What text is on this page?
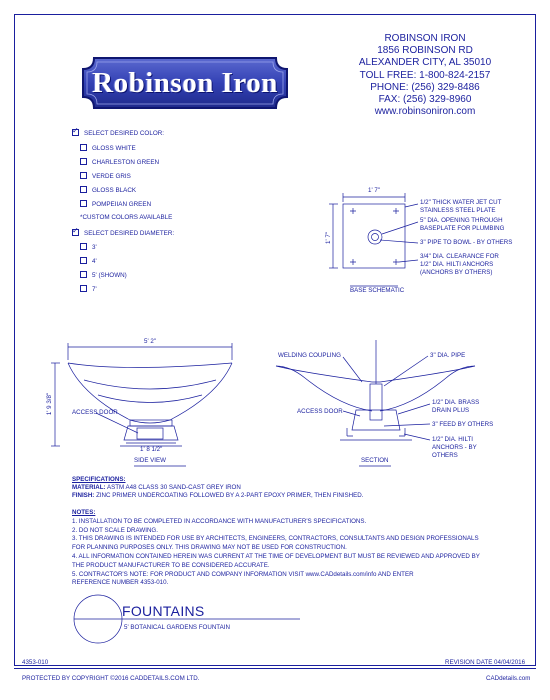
Robinson Iron
ROBINSON IRON
1856 ROBINSON RD
ALEXANDER CITY, AL 35010
TOLL FREE: 1-800-824-2157
PHONE: (256) 329-8486
FAX: (256) 329-8960
www.robinsoniron.com
✓SELECT DESIRED COLOR:
GLOSS WHITE
CHARLESTON GREEN
VERDE GRIS
GLOSS BLACK
POMPEIIAN GREEN
*CUSTOM COLORS AVAILABLE
✓SELECT DESIRED DIAMETER:
3'
4'
5' (SHOWN)
7'
1' 7"
1' 7"
5' 2"
1' 9 3/8"
1/2" THICK WATER JET CUT
STAINLESS STEEL PLATE
5" DIA. OPENING THROUGH
BASEPLATE FOR PLUMBING
3" PIPE TO BOWL - BY OTHERS
3/4" DIA. CLEARANCE FOR
1/2" DIA. HILTI ANCHORS
(ANCHORS BY OTHERS)
BASE SCHEMATIC
ACCESS DOOR
1' 8 1/2"
SIDE VIEW
WELDING COUPLING	3" DIA. PIPE
ACCESS DOOR
1/2" DIA. BRASS
DRAIN PLUS
3" FEED BY OTHERS
1/2" DIA. HILTI
ANCHORS - BY
OTHERS
SECTION
SPECIFICATIONS:
MATERIAL: ASTM A48 CLASS 30 SAND-CAST GREY IRON
FINISH: ZINC PRIMER UNDERCOATING FOLLOWED BY A 2-PART EPOXY PRIMER, THEN FINISHED.
NOTES:
1. INSTALLATION TO BE COMPLETED IN ACCORDANCE WITH MANUFACTURER'S SPECIFICATIONS.
2. DO NOT SCALE DRAWING.
3. THIS DRAWING IS INTENDED FOR USE BY ARCHITECTS, ENGINEERS, CONTRACTORS, CONSULTANTS AND DESIGN PROFESSIONALS
FOR PLANNING PURPOSES ONLY. THIS DRAWING MAY NOT BE USED FOR CONSTRUCTION.
4. ALL INFORMATION CONTAINED HEREIN WAS CURRENT AT THE TIME OF DEVELOPMENT BUT MUST BE REVIEWED AND APPROVED BY
THE PRODUCT MANUFACTURER TO BE CONSIDERED ACCURATE.
5. CONTRACTOR'S NOTE: FOR PRODUCT AND COMPANY INFORMATION VISIT www.CADdetails.com/info AND ENTER
REFERENCE NUMBER 4353-010.
FOUNTAINS
5' BOTANICAL GARDENS FOUNTAIN
4353-010	REVISION DATE 04/04/2016
PROTECTED BY COPYRIGHT ©2016 CADDETAILS.COM LTD.	CADdetails.com
